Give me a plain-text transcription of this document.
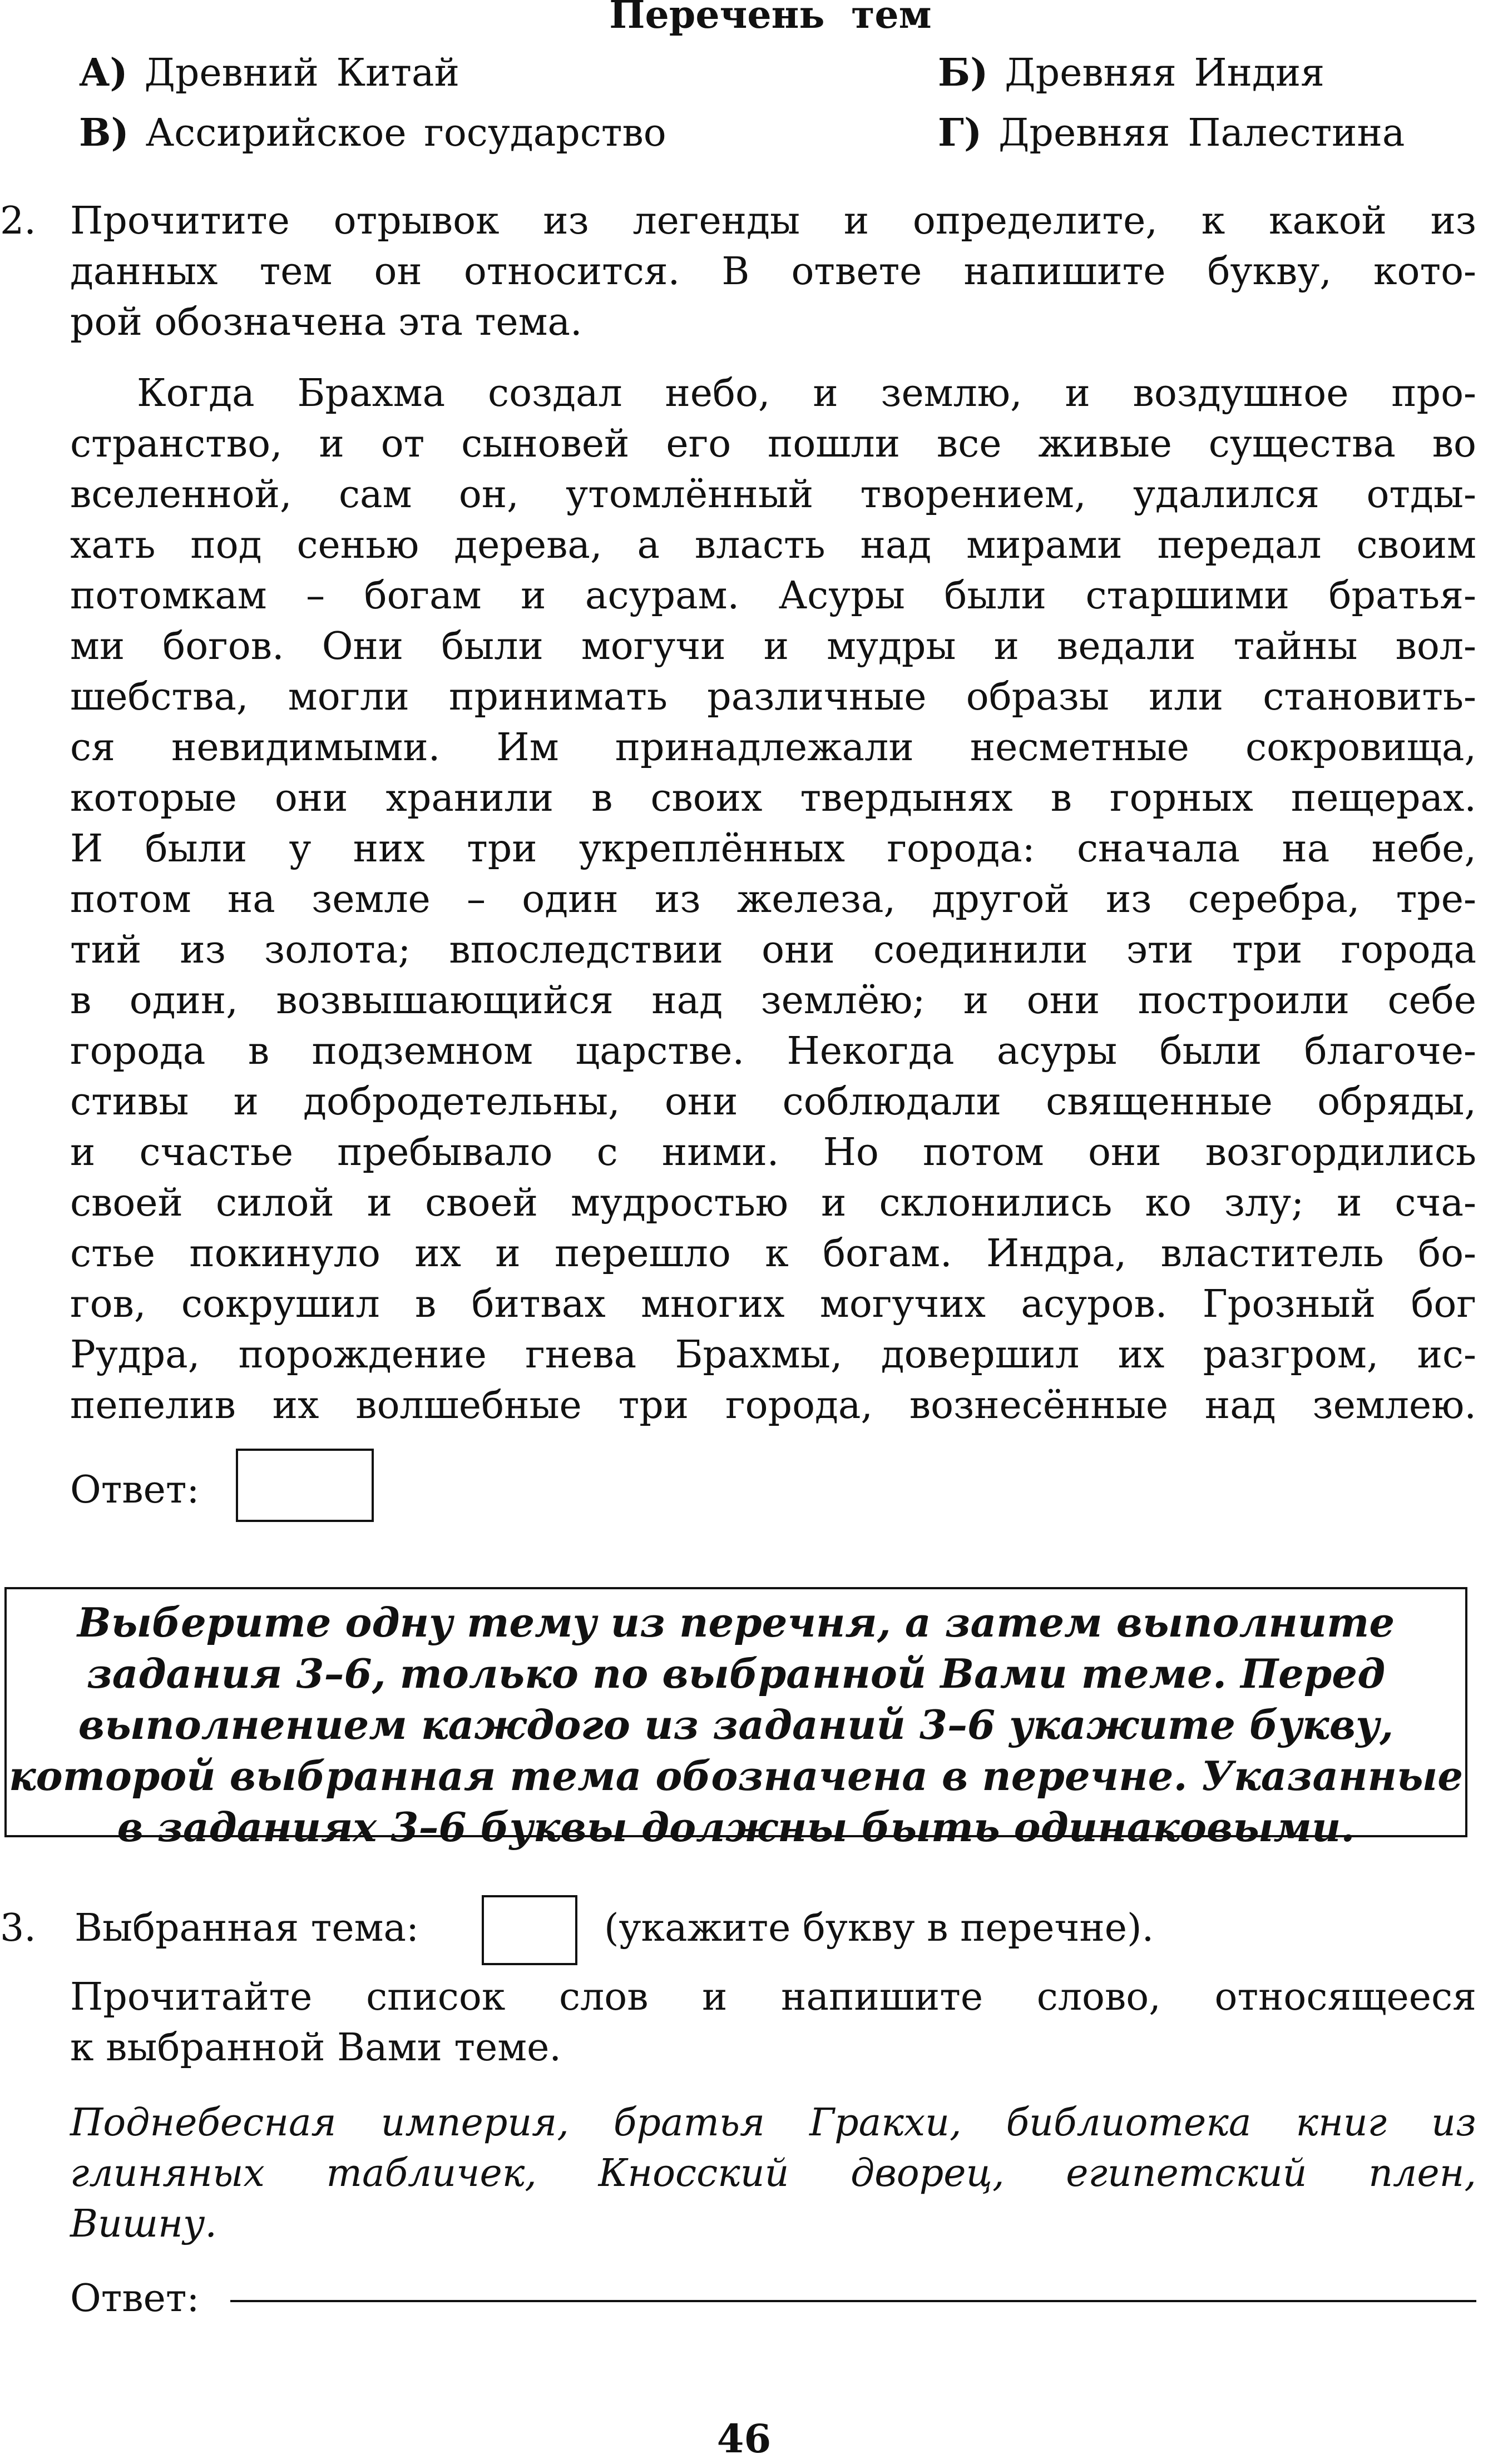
Перечень тем
А) Древний Китай	Б) Древняя Индия
В) Ассирийское государство	Г) Древняя Палестина
2. Прочитите отрывок из легенды и определите, к какой из
данных тем он относится. В ответе напишите букву, кото-
рой обозначена эта тема.
Когда Брахма создал небо, и землю, и воздушное про-
странство, и от сыновей его пошли все живые существа во
вселенной, сам он, утомлённый творением, удалился отды-
хать под сенью дерева, а власть над мирами передал своим
потомкам – богам и асурам. Асуры были старшими братья-
ми богов. Они были могучи и мудры и ведали тайны вол-
шебства, могли принимать различные образы или становить-
ся невидимыми. Им принадлежали несметные сокровища,
которые они хранили в своих твердынях в горных пещерах.
И были у них три укреплённых города: сначала на небе,
потом на земле – один из железа, другой из серебра, тре-
тий из золота; впоследствии они соединили эти три города
в один, возвышающийся над землёю; и они построили себе
города в подземном царстве. Некогда асуры были благоче-
стивы и добродетельны, они соблюдали священные обряды,
и счастье пребывало с ними. Но потом они возгордились
своей силой и своей мудростью и склонились ко злу; и сча-
стье покинуло их и перешло к богам. Индра, властитель бо-
гов, сокрушил в битвах многих могучих асуров. Грозный бог
Рудра, порождение гнева Брахмы, довершил их разгром, ис-
пепелив их волшебные три города, вознесённые над землею.
Ответ:
Выберите одну тему из перечня, а затем выполните
задания 3–6, только по выбранной Вами теме. Перед
выполнением каждого из заданий 3–6 укажите букву,
которой выбранная тема обозначена в перечне. Указанные
в заданиях 3–6 буквы должны быть одинаковыми.
3. Выбранная тема:	(укажите букву в перечне).
Прочитайте список слов и напишите слово, относящееся
к выбранной Вами теме.
Поднебесная империя, братья Гракхи, библиотека книг из
глиняных табличек, Кносский дворец, египетский плен,
Вишну.
Ответ:
46
